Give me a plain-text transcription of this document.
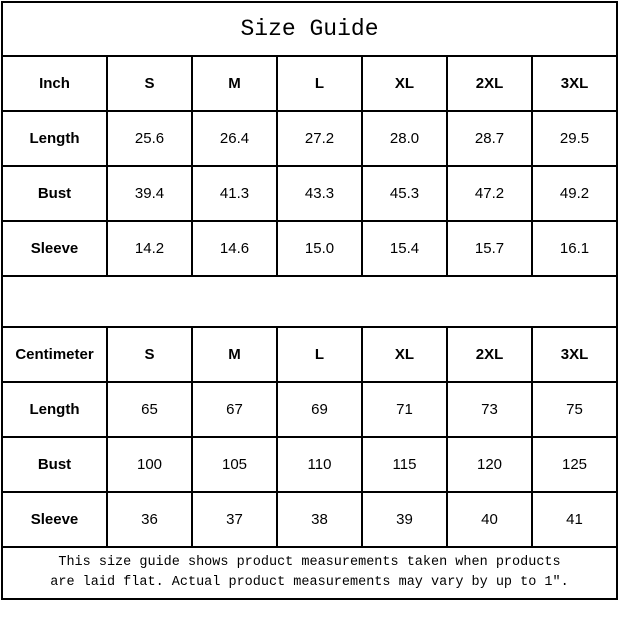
Size Guide						
Inch	S	M	L	XL	2XL	3XL
Length	25.6	26.4	27.2	28.0	28.7	29.5
Bust	39.4	41.3	43.3	45.3	47.2	49.2
Sleeve	14.2	14.6	15.0	15.4	15.7	16.1

Centimeter	S	M	L	XL	2XL	3XL
Length	65	67	69	71	73	75
Bust	100	105	110	115	120	125
Sleeve	36	37	38	39	40	41

This size guide shows product measurements taken when products
are laid flat. Actual product measurements may vary by up to 1″.						
